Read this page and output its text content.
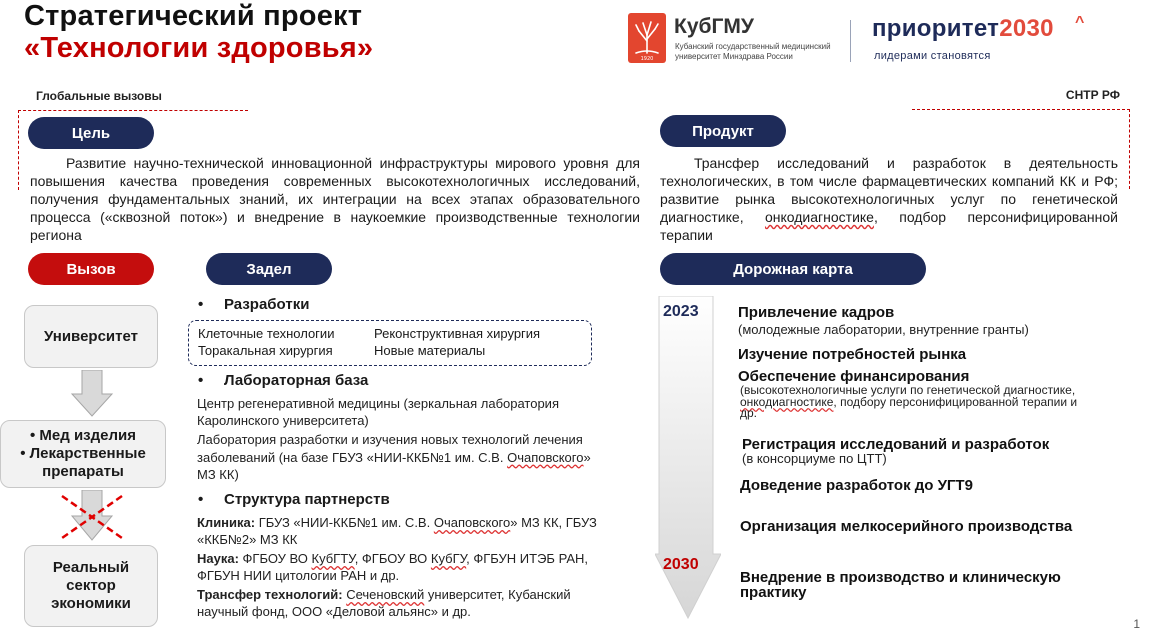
Стратегический проект
«Технологии здоровья»	1920
КубГМУ
Кубанский государственный медицинский
университет Минздрава России
приоритет2030 ^
лидерами становятся
Глобальные вызовы	СНТР РФ
Цель
Развитие научно-технической инновационной инфраструктуры мирового уровня для повышения качества проведения современных высокотехнологичных исследований, получения фундаментальных знаний, их интеграции на всех этапах образовательного процесса («сквозной поток») и внедрение в наукоемкие производственные технологии региона
Продукт
Трансфер исследований и разработок в деятельность технологических, в том числе фармацевтических компаний КК и РФ; развитие рынка высокотехнологичных услуг по генетической диагностике, онкодиагностике, подбор персонифицированной терапии
Вызов	Задел	Дорожная карта
Университет
• Мед изделия
• Лекарственные
препараты
Реальный
сектор
экономики
• Разработки
Клеточные технологии	Реконструктивная хирургия
Торакальная хирургия	Новые материалы
• Лабораторная база
Центр регенеративной медицины (зеркальная лаборатория Каролинского университета)
Лаборатория разработки и изучения новых технологий лечения заболеваний (на базе ГБУЗ «НИИ-ККБ№1 им. С.В. Очаповского» МЗ КК)
• Структура партнерств
Клиника: ГБУЗ «НИИ-ККБ№1 им. С.В. Очаповского» МЗ КК, ГБУЗ «ККБ№2» МЗ КК
Наука: ФГБОУ ВО КубГТУ, ФГБОУ ВО КубГУ, ФГБУН ИТЭБ РАН, ФГБУН НИИ цитологии РАН и др.
Трансфер технологий: Сеченовский университет, Кубанский научный фонд, ООО «Деловой альянс» и др.
2023
2030
Привлечение кадров
(молодежные лаборатории, внутренние гранты)
Изучение потребностей рынка
Обеспечение финансирования
(высокотехнологичные услуги по генетической диагностике, онкодиагностике, подбору персонифицированной терапии и др.
Регистрация исследований и разработок
(в консорциуме по ЦТТ)
Доведение разработок до УГТ9
Организация мелкосерийного производства
Внедрение в производство и клиническую практику
1
